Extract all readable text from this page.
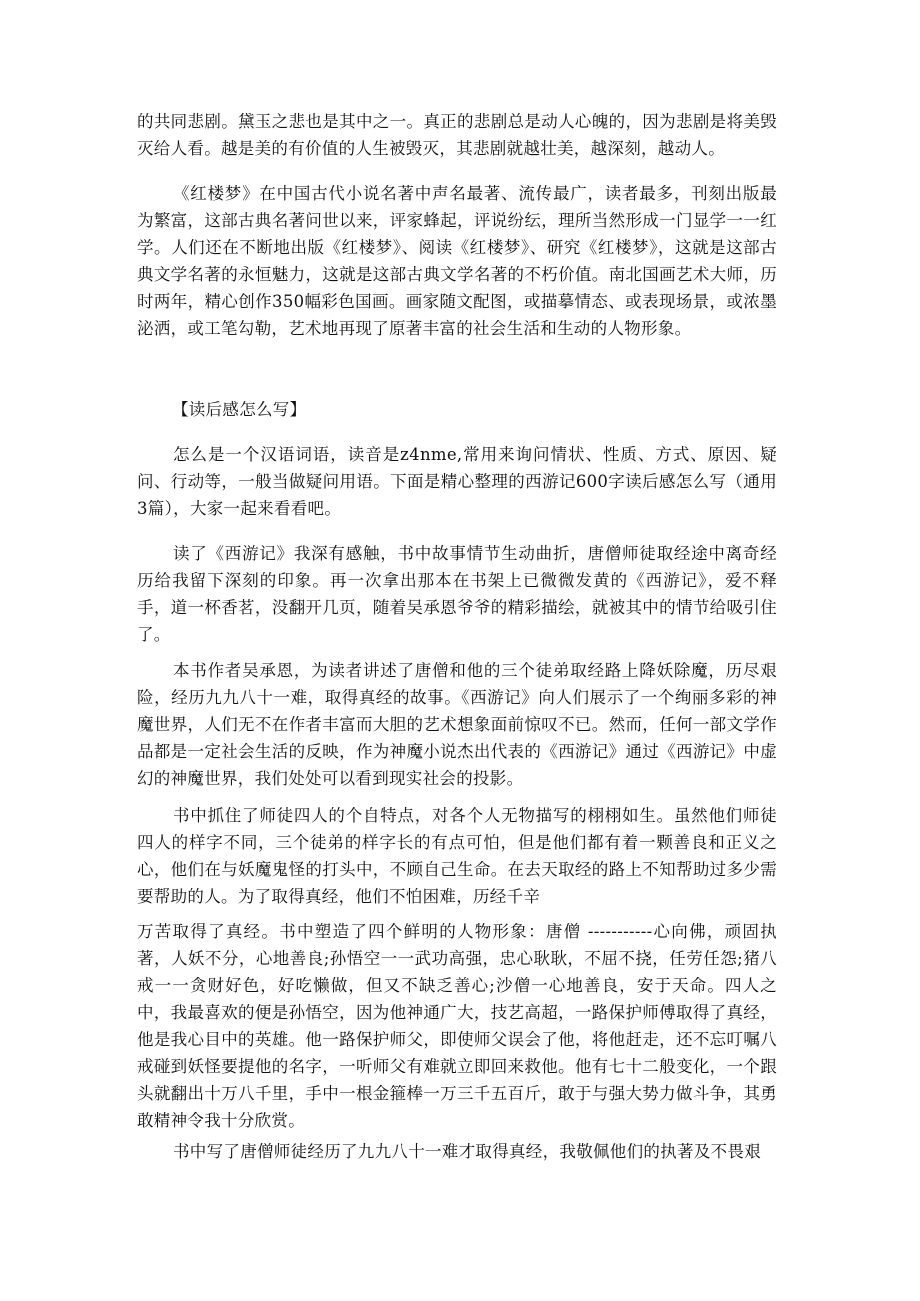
的共同悲剧。黛玉之悲也是其中之一。真正的悲剧总是动人心魄的，因为悲剧是将美毁灭给人看。越是美的有价值的人生被毁灭，其悲剧就越壮美，越深刻，越动人。

《红楼梦》在中国古代小说名著中声名最著、流传最广，读者最多，刊刻出版最为繁富，这部古典名著问世以来，评家蜂起，评说纷纭，理所当然形成一门显学一一红学。人们还在不断地出版《红楼梦》、阅读《红楼梦》、研究《红楼梦》，这就是这部古典文学名著的永恒魅力，这就是这部古典文学名著的不朽价值。南北国画艺术大师，历时两年，精心创作350幅彩色国画。画家随文配图，或描摹情态、或表现场景，或浓墨泌洒，或工笔勾勒，艺术地再现了原著丰富的社会生活和生动的人物形象。

【读后感怎么写】

怎么是一个汉语词语，读音是z4nme,常用来询问情状、性质、方式、原因、疑问、行动等，一般当做疑问用语。下面是精心整理的西游记600字读后感怎么写（通用3篇），大家一起来看看吧。

读了《西游记》我深有感触，书中故事情节生动曲折，唐僧师徒取经途中离奇经历给我留下深刻的印象。再一次拿出那本在书架上已微微发黄的《西游记》，爱不释手，道一杯香茗，没翻开几页，随着吴承恩爷爷的精彩描绘，就被其中的情节给吸引住了。

本书作者吴承恩，为读者讲述了唐僧和他的三个徒弟取经路上降妖除魔，历尽艰险，经历九九八十一难，取得真经的故事。《西游记》向人们展示了一个绚丽多彩的神魔世界，人们无不在作者丰富而大胆的艺术想象面前惊叹不已。然而，任何一部文学作品都是一定社会生活的反映，作为神魔小说杰出代表的《西游记》通过《西游记》中虚幻的神魔世界，我们处处可以看到现实社会的投影。

书中抓住了师徒四人的个自特点，对各个人无物描写的栩栩如生。虽然他们师徒四人的样字不同，三个徒弟的样字长的有点可怕，但是他们都有着一颗善良和正义之心，他们在与妖魔鬼怪的打头中，不顾自己生命。在去天取经的路上不知帮助过多少需要帮助的人。为了取得真经，他们不怕困难，历经千辛

万苦取得了真经。书中塑造了四个鲜明的人物形象：唐僧 -----------心向佛，顽固执著，人妖不分，心地善良;孙悟空一一武功高强，忠心耿耿，不屈不挠，任劳任怨;猪八戒一一贪财好色，好吃懒做，但又不缺乏善心;沙僧一心地善良，安于天命。四人之中，我最喜欢的便是孙悟空，因为他神通广大，技艺高超，一路保护师傅取得了真经，他是我心目中的英雄。他一路保护师父，即使师父误会了他，将他赶走，还不忘叮嘱八戒碰到妖怪要提他的名字，一听师父有难就立即回来救他。他有七十二般变化，一个跟头就翻出十万八千里，手中一根金箍棒一万三千五百斤，敢于与强大势力做斗争，其勇敢精神令我十分欣赏。

书中写了唐僧师徒经历了九九八十一难才取得真经，我敬佩他们的执著及不畏艰
